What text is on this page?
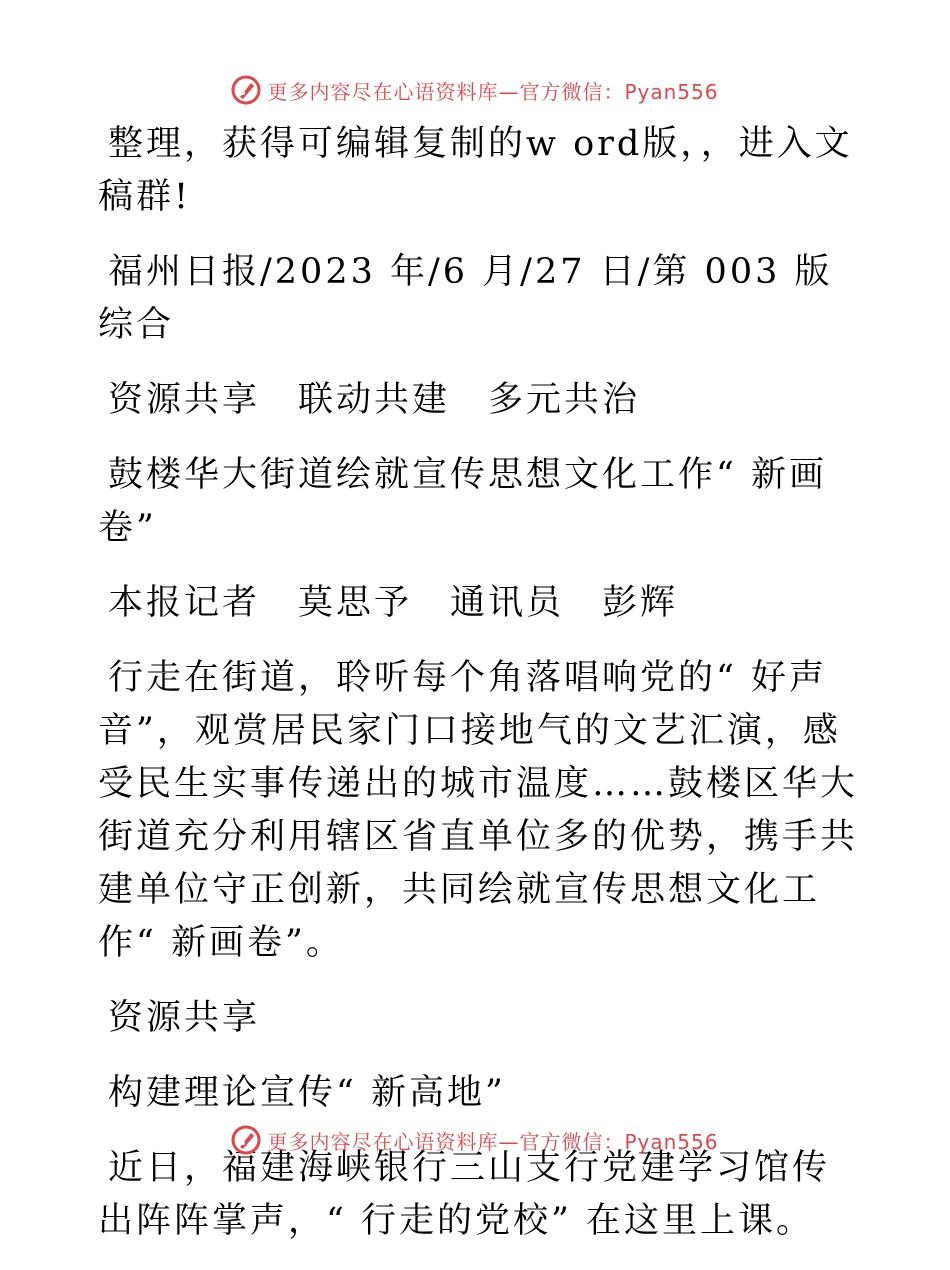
更多内容尽在心语资料库—官方微信：Pyan556

整理，获得可编辑复制的w ord版，，进入文稿群!

福州日报/2023 年/6 月/27 日/第 003 版综合

资源共享　联动共建　多元共治

鼓楼华大街道绘就宣传思想文化工作“ 新画卷”

本报记者　莫思予　通讯员　彭辉

行走在街道，聆听每个角落唱响党的“ 好声音”，观赏居民家门口接地气的文艺汇演，感受民生实事传递出的城市温度……鼓楼区华大街道充分利用辖区省直单位多的优势，携手共建单位守正创新，共同绘就宣传思想文化工作“ 新画卷”。

资源共享

构建理论宣传“ 新高地”

近日，福建海峡银行三山支行党建学习馆传出阵阵掌声，“ 行走的党校” 在这里上课。

更多内容尽在心语资料库—官方微信：Pyan556
